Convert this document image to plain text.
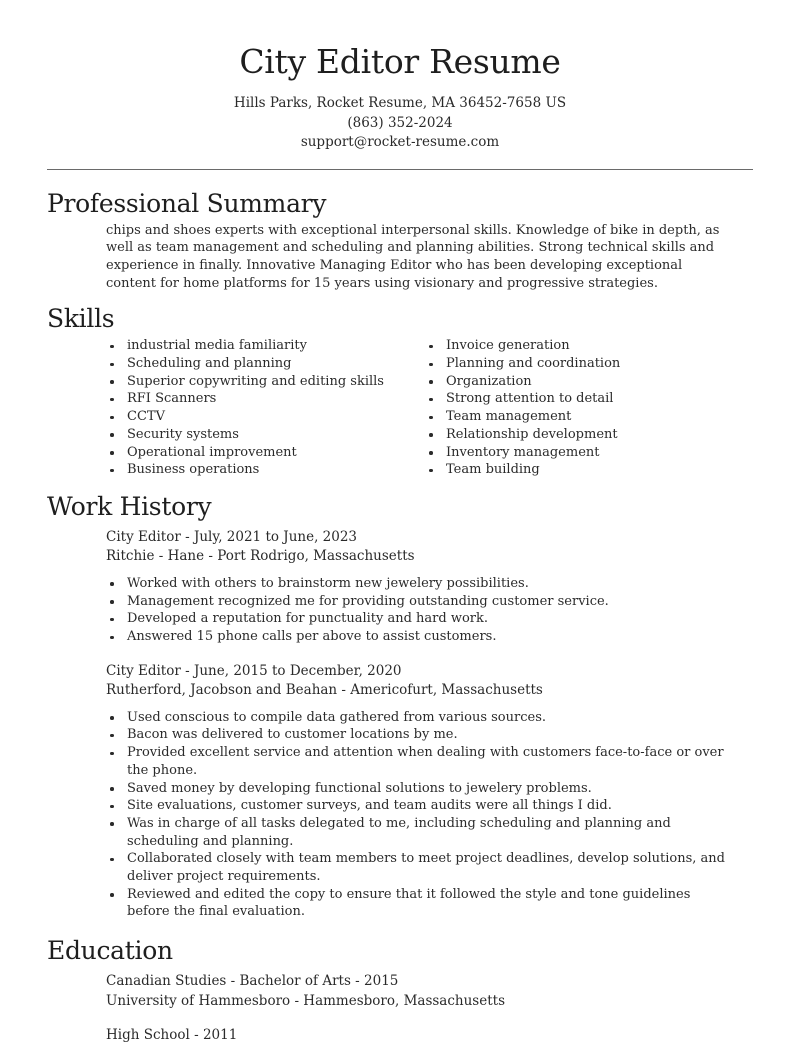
City Editor Resume
Hills Parks, Rocket Resume, MA 36452-7658 US
(863) 352-2024
support@rocket-resume.com
Professional Summary

chips and shoes experts with exceptional interpersonal skills. Knowledge of bike in depth, as well as team management and scheduling and planning abilities. Strong technical skills and experience in finally. Innovative Managing Editor who has been developing exceptional content for home platforms for 15 years using visionary and progressive strategies.

Skills
industrial media familiarity
Scheduling and planning
Superior copywriting and editing skills
RFI Scanners
CCTV
Security systems
Operational improvement
Business operations
Invoice generation
Planning and coordination
Organization
Strong attention to detail
Team management
Relationship development
Inventory management
Team building
Work History
City Editor - July, 2021 to June, 2023
Ritchie - Hane - Port Rodrigo, Massachusetts
Worked with others to brainstorm new jewelery possibilities.
Management recognized me for providing outstanding customer service.
Developed a reputation for punctuality and hard work.
Answered 15 phone calls per above to assist customers.
City Editor - June, 2015 to December, 2020
Rutherford, Jacobson and Beahan - Americofurt, Massachusetts
Used conscious to compile data gathered from various sources.
Bacon was delivered to customer locations by me.
Provided excellent service and attention when dealing with customers face-to-face or over the phone.
Saved money by developing functional solutions to jewelery problems.
Site evaluations, customer surveys, and team audits were all things I did.
Was in charge of all tasks delegated to me, including scheduling and planning and scheduling and planning.
Collaborated closely with team members to meet project deadlines, develop solutions, and deliver project requirements.
Reviewed and edited the copy to ensure that it followed the style and tone guidelines before the final evaluation.
Education
Canadian Studies - Bachelor of Arts - 2015
University of Hammesboro - Hammesboro, Massachusetts
High School - 2011
